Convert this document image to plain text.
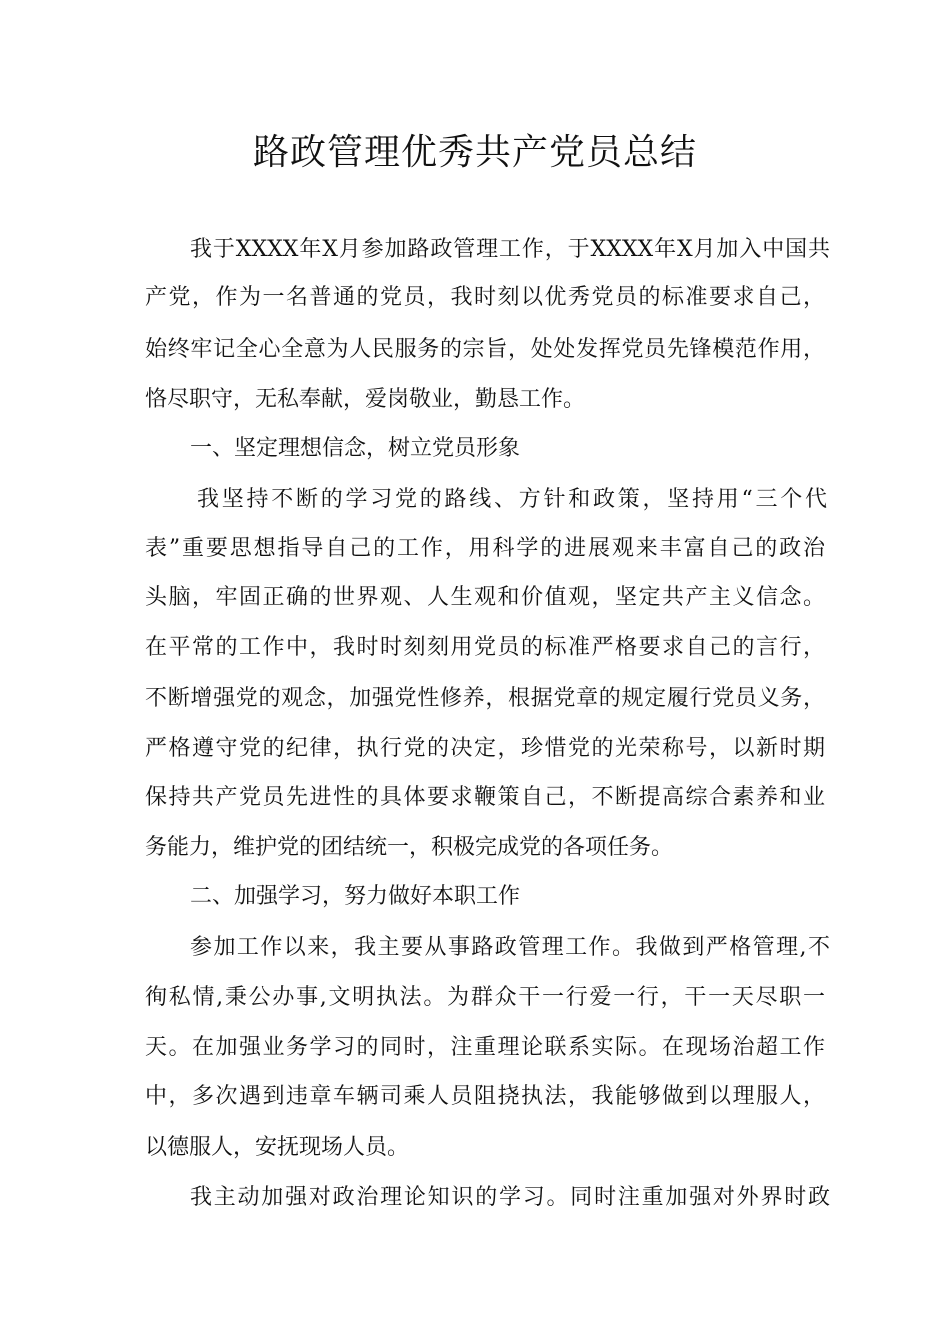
路政管理优秀共产党员总结

我于XXXX年X月参加路政管理工作，于XXXX年X月加入中国共

产党，作为一名普通的党员，我时刻以优秀党员的标准要求自己，

始终牢记全心全意为人民服务的宗旨，处处发挥党员先锋模范作用，

恪尽职守，无私奉献，爱岗敬业，勤恳工作。

一、坚定理想信念，树立党员形象

我坚持不断的学习党的路线、方针和政策，坚持用“三个代

表”重要思想指导自己的工作，用科学的进展观来丰富自己的政治

头脑，牢固正确的世界观、人生观和价值观，坚定共产主义信念。

在平常的工作中，我时时刻刻用党员的标准严格要求自己的言行，

不断增强党的观念，加强党性修养，根据党章的规定履行党员义务，

严格遵守党的纪律，执行党的决定，珍惜党的光荣称号，以新时期

保持共产党员先进性的具体要求鞭策自己，不断提高综合素养和业

务能力，维护党的团结统一，积极完成党的各项任务。

二、加强学习，努力做好本职工作

参加工作以来，我主要从事路政管理工作。我做到严格管理,不

徇私情,秉公办事,文明执法。为群众干一行爱一行，干一天尽职一

天。在加强业务学习的同时，注重理论联系实际。在现场治超工作

中，多次遇到违章车辆司乘人员阻挠执法，我能够做到以理服人，

以德服人，安抚现场人员。

我主动加强对政治理论知识的学习。同时注重加强对外界时政
